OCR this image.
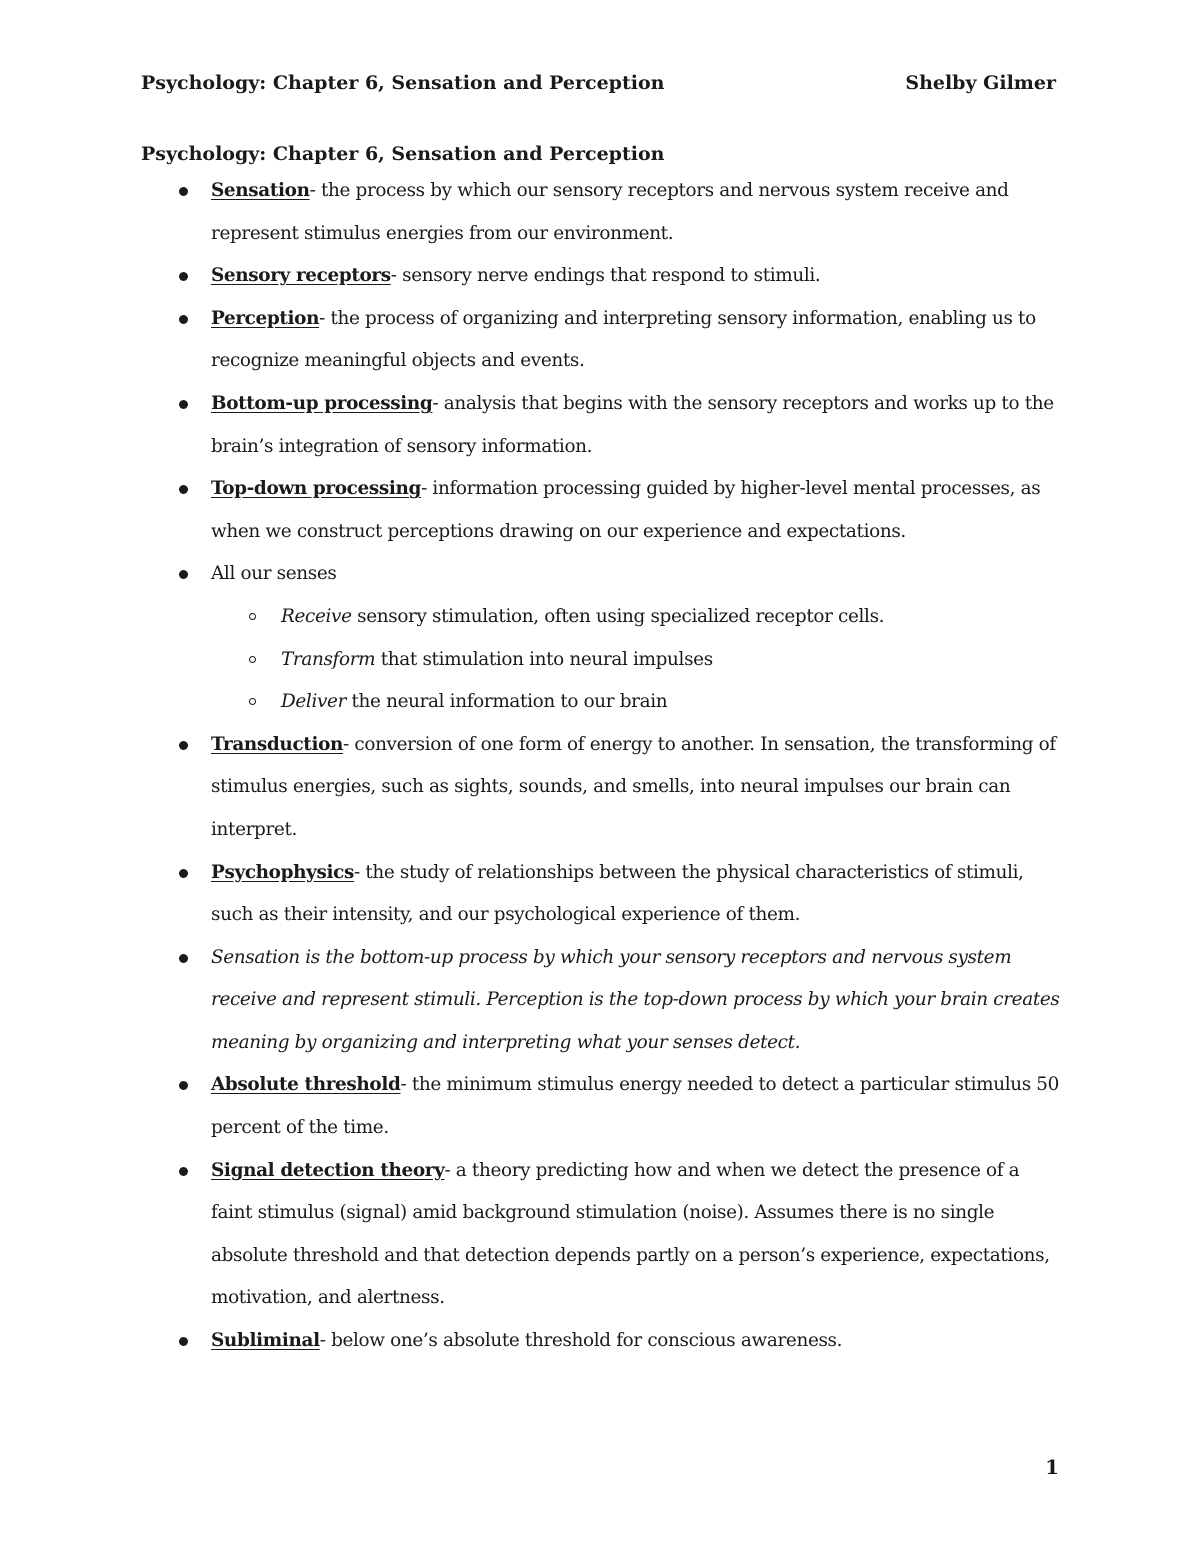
Psychology: Chapter 6, Sensation and Perception	Shelby Gilmer
Psychology: Chapter 6, Sensation and Perception
Sensation- the process by which our sensory receptors and nervous system receive and represent stimulus energies from our environment.
Sensory receptors- sensory nerve endings that respond to stimuli.
Perception- the process of organizing and interpreting sensory information, enabling us to recognize meaningful objects and events.
Bottom-up processing- analysis that begins with the sensory receptors and works up to the brain’s integration of sensory information.
Top-down processing- information processing guided by higher-level mental processes, as when we construct perceptions drawing on our experience and expectations.
All our senses
Receive sensory stimulation, often using specialized receptor cells.
Transform that stimulation into neural impulses
Deliver the neural information to our brain
Transduction- conversion of one form of energy to another. In sensation, the transforming of stimulus energies, such as sights, sounds, and smells, into neural impulses our brain can interpret.
Psychophysics- the study of relationships between the physical characteristics of stimuli, such as their intensity, and our psychological experience of them.
Sensation is the bottom-up process by which your sensory receptors and nervous system receive and represent stimuli. Perception is the top-down process by which your brain creates meaning by organizing and interpreting what your senses detect.
Absolute threshold- the minimum stimulus energy needed to detect a particular stimulus 50 percent of the time.
Signal detection theory- a theory predicting how and when we detect the presence of a faint stimulus (signal) amid background stimulation (noise). Assumes there is no single absolute threshold and that detection depends partly on a person’s experience, expectations, motivation, and alertness.
Subliminal- below one’s absolute threshold for conscious awareness.
1
